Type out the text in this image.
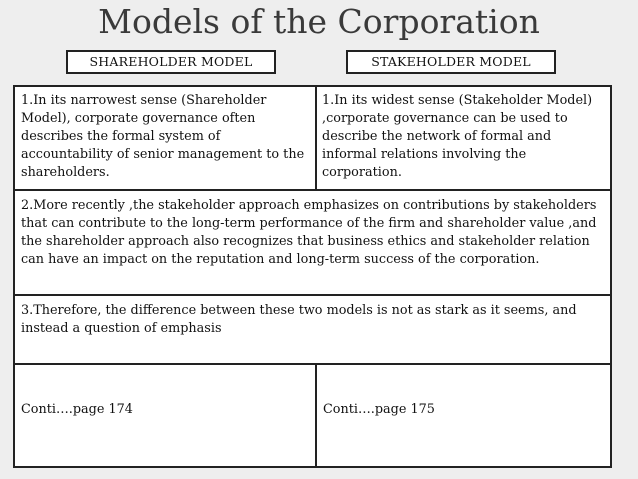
Models of the Corporation
SHAREHOLDER MODEL	STAKEHOLDER MODEL

1.In its narrowest sense (Shareholder Model), corporate governance often describes the formal system of accountability of senior management to the shareholders.

1.In its widest sense (Stakeholder Model) ,corporate governance can be used to describe the network of formal and informal relations involving the corporation.

2.More recently ,the stakeholder approach emphasizes on contributions by stakeholders that can contribute to the long-term performance of the firm and shareholder value ,and the shareholder approach also recognizes that business ethics and stakeholder relation can have an impact on the reputation and long-term success of the corporation.

3.Therefore, the difference between these two models is not as stark as it seems, and instead a question of emphasis

Conti….page 174	Conti….page 175
